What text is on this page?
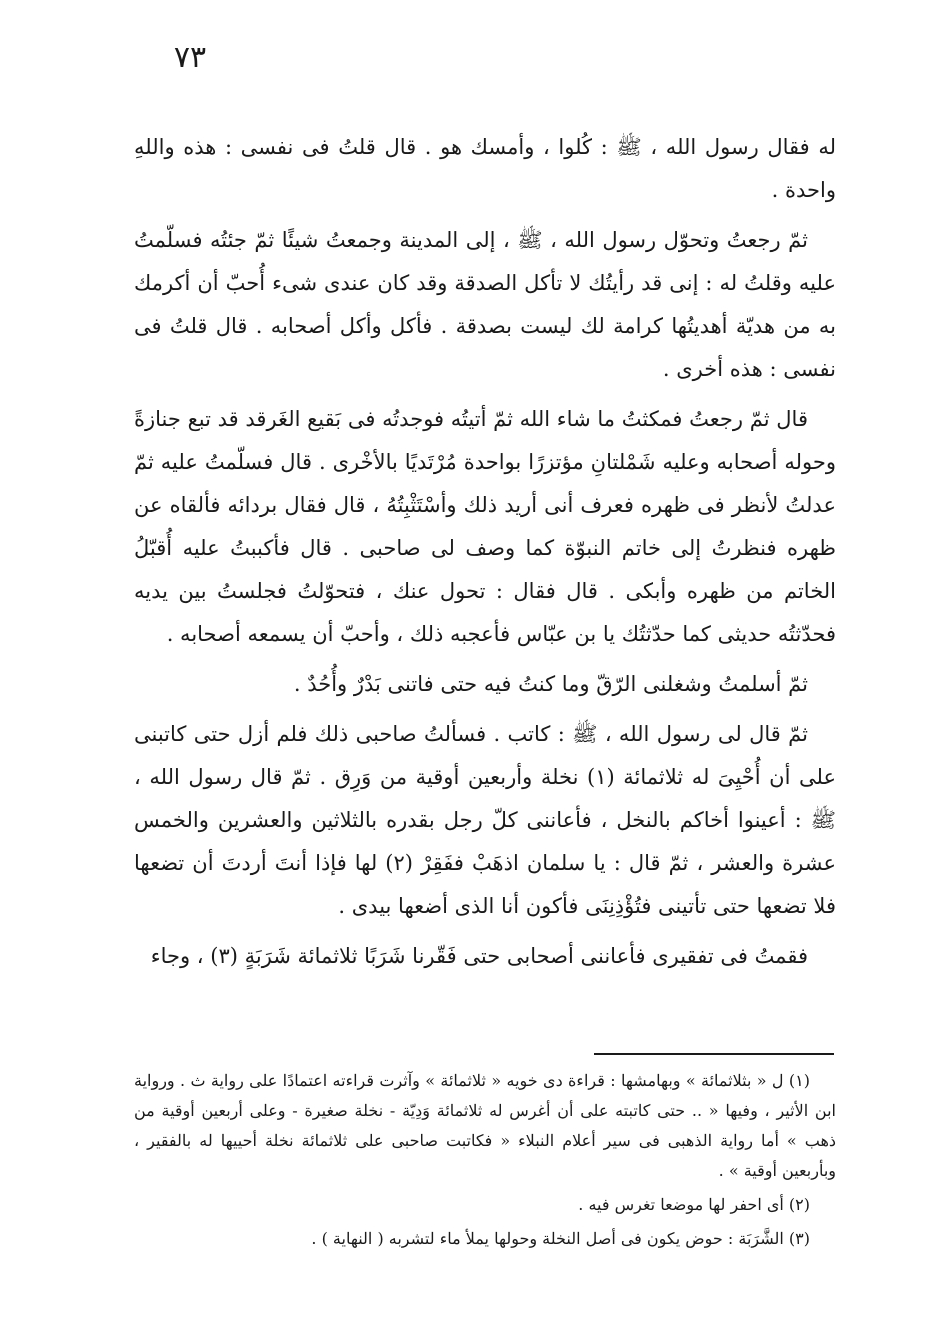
٧٣

له فقال رسول الله ، ﷺ : كُلوا ، وأمسك هو . قال قلتُ فى نفسى : هذه واللهِ واحدة .

ثمّ رجعتُ وتحوّل رسول الله ، ﷺ ، إلى المدينة وجمعتُ شيئًا ثمّ جئتُه فسلّمتُ عليه وقلتُ له : إنى قد رأيتُك لا تأكل الصدقة وقد كان عندى شىء أُحبّ أن أكرمك به من هديّة أهديتُها كرامة لك ليست بصدقة . فأكل وأكل أصحابه . قال قلتُ فى نفسى : هذه أخرى .

قال ثمّ رجعتُ فمكثتُ ما شاء الله ثمّ أتيتُه فوجدتُه فى بَقيع الغَرقد قد تبع جنازةً وحوله أصحابه وعليه شَمْلتانِ مؤتزرًا بواحدة مُرْتَديًا بالأخْرى . قال فسلّمتُ عليه ثمّ عدلتُ لأنظر فى ظهره فعرف أنى أريد ذلك وأسْتَثْبِتُهُ ، قال فقال بردائه فألقاه عن ظهره فنظرتُ إلى خاتم النبوّة كما وصف لى صاحبى . قال فأكببتُ عليه أُقبّلُ الخاتم من ظهره وأبكى . قال فقال : تحول عنك ، فتحوّلتُ فجلستُ بين يديه فحدّثتُه حديثى كما حدّثتُك يا بن عبّاس فأعجبه ذلك ، وأحبّ أن يسمعه أصحابه .

ثمّ أسلمتُ وشغلنى الرّقّ وما كنتُ فيه حتى فاتنى بَدْرٌ وأُحُدٌ .

ثمّ قال لى رسول الله ، ﷺ : كاتب . فسألتُ صاحبى ذلك فلم أزل حتى كاتبنى على أن أُحْيِىَ له ثلاثمائة (١) نخلة وأربعين أوقية من وَرِق . ثمّ قال رسول الله ، ﷺ : أعينوا أخاكم بالنخل ، فأعاننى كلّ رجل بقدره بالثلاثين والعشرين والخمس عشرة والعشر ، ثمّ قال : يا سلمان اذهَبْ ففَقِرْ (٢) لها فإذا أنتَ أردتَ أن تضعها فلا تضعها حتى تأتينى فتُؤْذِنِنَى فأكون أنا الذى أضعها بيدى .

فقمتُ فى تفقيرى فأعاننى أصحابى حتى فَقّرنا شَرَبًا ثلاثمائة شَرَبَةٍ (٣) ، وجاء

(١) ل « بثلاثمائة » وبهامشها : قراءة دى خويه « ثلاثمائة » وآثرت قراءته اعتمادًا على رواية ث . ورواية ابن الأثير ، وفيها « .. حتى كاتبته على أن أغرس له ثلاثمائة وَدِيّة - نخلة صغيرة - وعلى أربعين أوقية من ذهب » أما رواية الذهبى فى سير أعلام النبلاء « فكاتبت صاحبى على ثلاثمائة نخلة أحييها له بالفقير ، وبأربعين أوقية » .

(٢) أى احفر لها موضعا تغرس فيه .

(٣) الشَّرَبَة : حوض يكون فى أصل النخلة وحولها يملأ ماء لتشربه ( النهاية ) .
